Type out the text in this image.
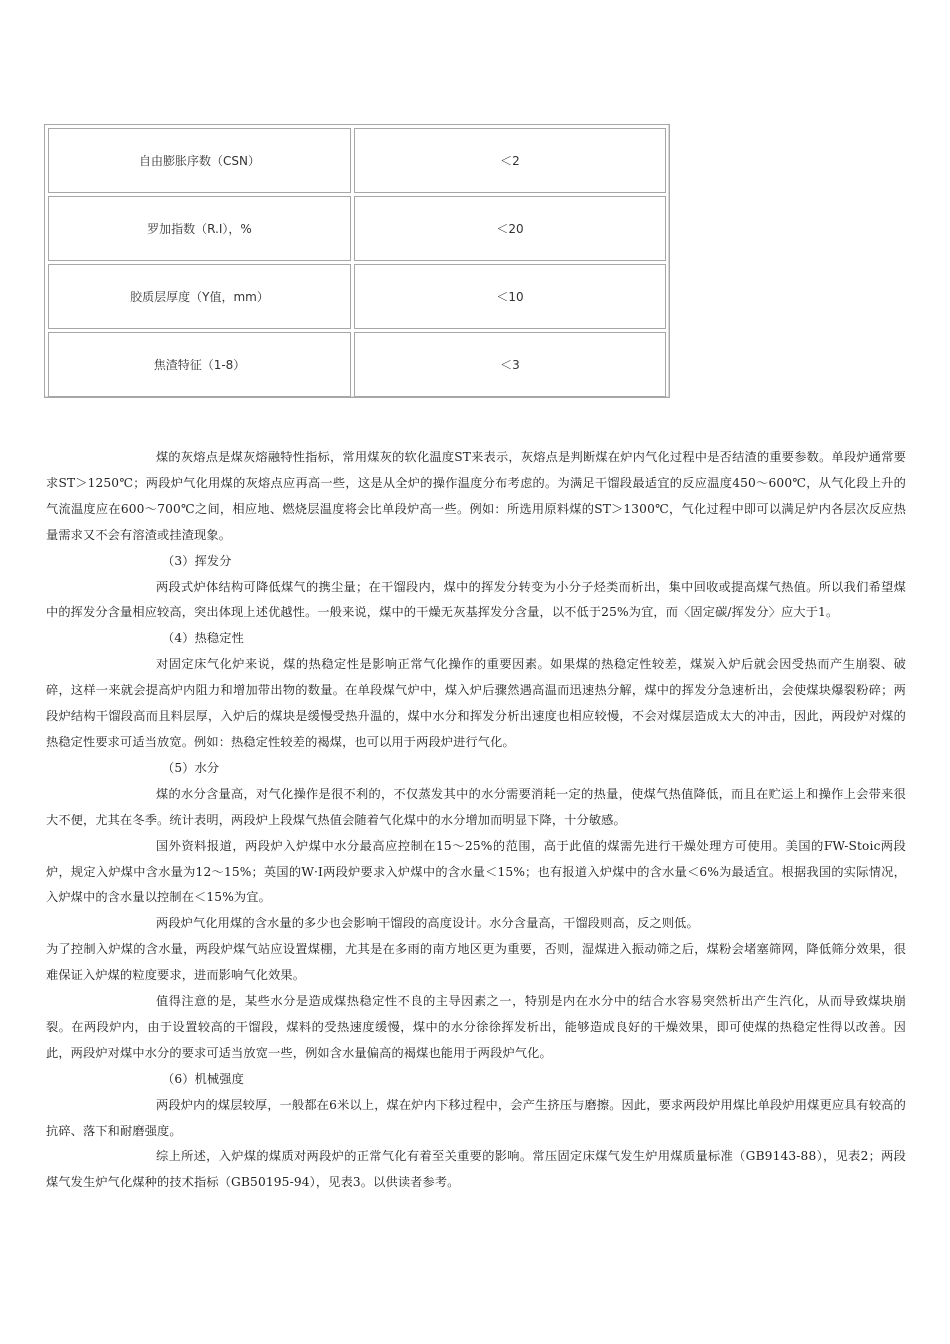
自由膨胀序数（CSN）	＜2
罗加指数（R.I），%	＜20
胶质层厚度（Y值，mm）	＜10
焦渣特征（1-8）	＜3

煤的灰熔点是煤灰熔融特性指标，常用煤灰的软化温度ST来表示，灰熔点是判断煤在炉内气化过程中是否结渣的重要参数。单段炉通常要求ST＞1250℃；两段炉气化用煤的灰熔点应再高一些，这是从全炉的操作温度分布考虑的。为满足干馏段最适宜的反应温度450～600℃，从气化段上升的气流温度应在600～700℃之间，相应地、燃烧层温度将会比单段炉高一些。例如：所选用原料煤的ST＞1300℃，气化过程中即可以满足炉内各层次反应热量需求又不会有溶渣或挂渣现象。

（3）挥发分

两段式炉体结构可降低煤气的携尘量；在干馏段内，煤中的挥发分转变为小分子烃类而析出，集中回收或提高煤气热值。所以我们希望煤中的挥发分含量相应较高，突出体现上述优越性。一般来说，煤中的干燥无灰基挥发分含量，以不低于25%为宜，而〈固定碳/挥发分〉应大于1。

（4）热稳定性

对固定床气化炉来说，煤的热稳定性是影响正常气化操作的重要因素。如果煤的热稳定性较差，煤炭入炉后就会因受热而产生崩裂、破碎，这样一来就会提高炉内阻力和增加带出物的数量。在单段煤气炉中，煤入炉后骤然遇高温而迅速热分解，煤中的挥发分急速析出，会使煤块爆裂粉碎；两段炉结构干馏段高而且料层厚，入炉后的煤块是缓慢受热升温的，煤中水分和挥发分析出速度也相应较慢，不会对煤层造成太大的冲击，因此，两段炉对煤的热稳定性要求可适当放宽。例如：热稳定性较差的褐煤，也可以用于两段炉进行气化。

（5）水分

煤的水分含量高，对气化操作是很不利的，不仅蒸发其中的水分需要消耗一定的热量，使煤气热值降低，而且在贮运上和操作上会带来很大不便，尤其在冬季。统计表明，两段炉上段煤气热值会随着气化煤中的水分增加而明显下降，十分敏感。

国外资料报道，两段炉入炉煤中水分最高应控制在15～25%的范围，高于此值的煤需先进行干燥处理方可使用。美国的FW-Stoic两段炉，规定入炉煤中含水量为12～15%；英国的W·I两段炉要求入炉煤中的含水量＜15%；也有报道入炉煤中的含水量＜6%为最适宜。根据我国的实际情况，入炉煤中的含水量以控制在＜15%为宜。

两段炉气化用煤的含水量的多少也会影响干馏段的高度设计。水分含量高，干馏段则高，反之则低。

为了控制入炉煤的含水量，两段炉煤气站应设置煤棚，尤其是在多雨的南方地区更为重要，否则，湿煤进入振动筛之后，煤粉会堵塞筛网，降低筛分效果，很难保证入炉煤的粒度要求，进而影响气化效果。

值得注意的是，某些水分是造成煤热稳定性不良的主导因素之一，特别是内在水分中的结合水容易突然析出产生汽化，从而导致煤块崩裂。在两段炉内，由于设置较高的干馏段，煤料的受热速度缓慢，煤中的水分徐徐挥发析出，能够造成良好的干燥效果，即可使煤的热稳定性得以改善。因此，两段炉对煤中水分的要求可适当放宽一些，例如含水量偏高的褐煤也能用于两段炉气化。

（6）机械强度

两段炉内的煤层较厚，一般都在6米以上，煤在炉内下移过程中，会产生挤压与磨擦。因此，要求两段炉用煤比单段炉用煤更应具有较高的抗碎、落下和耐磨强度。

综上所述，入炉煤的煤质对两段炉的正常气化有着至关重要的影响。常压固定床煤气发生炉用煤质量标准（GB9143-88），见表2；两段煤气发生炉气化煤种的技术指标（GB50195-94），见表3。以供读者参考。
